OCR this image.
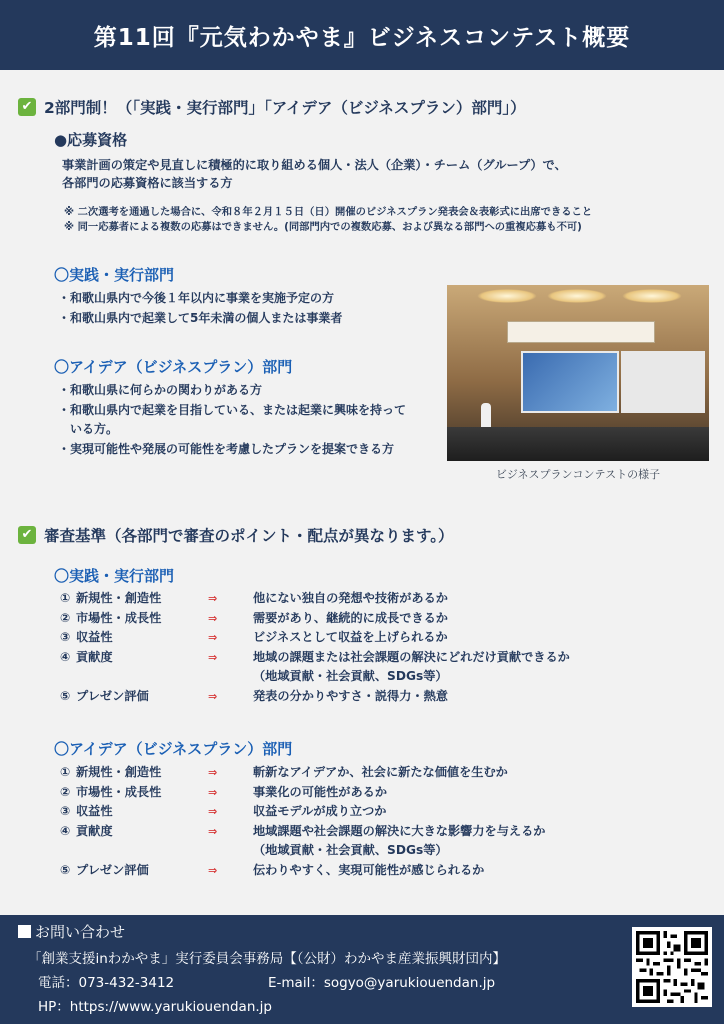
第11回『元気わかやま』ビジネスコンテスト概要
✔ 2部門制！（「実践・実行部門」「アイデア（ビジネスプラン）部門」）
●応募資格
事業計画の策定や見直しに積極的に取り組める個人・法人（企業）・チーム（グループ）で、
各部門の応募資格に該当する方
※ 二次選考を通過した場合に、令和８年２月１５日（日）開催のビジネスプラン発表会＆表彰式に出席できること
※ 同一応募者による複数の応募はできません。(同部門内での複数応募、および異なる部門への重複応募も不可)
〇実践・実行部門
・ 和歌山県内で今後１年以内に事業を実施予定の方
・ 和歌山県内で起業して5年未満の個人または事業者
〇アイデア（ビジネスプラン）部門
・ 和歌山県に何らかの関わりがある方
・ 和歌山県内で起業を目指している、または起業に興味を持っている方。
・ 実現可能性や発展の可能性を考慮したプランを提案できる方
ビジネスプランコンテストの様子
✔ 審査基準（各部門で審査のポイント・配点が異なります。）
〇実践・実行部門
① 新規性・創造性	⇒	他にない独自の発想や技術があるか
② 市場性・成長性	⇒	需要があり、継続的に成長できるか
③ 収益性	⇒	ビジネスとして収益を上げられるか
④ 貢献度	⇒	地域の課題または社会課題の解決にどれだけ貢献できるか
（地域貢献・社会貢献、SDGs等）
⑤ プレゼン評価	⇒	発表の分かりやすさ・説得力・熱意
〇アイデア（ビジネスプラン）部門
① 新規性・創造性	⇒	斬新なアイデアか、社会に新たな価値を生むか
② 市場性・成長性	⇒	事業化の可能性があるか
③ 収益性	⇒	収益モデルが成り立つか
④ 貢献度	⇒	地域課題や社会課題の解決に大きな影響力を与えるか
（地域貢献・社会貢献、SDGs等）
⑤ プレゼン評価	⇒	伝わりやすく、実現可能性が感じられるか
お問い合わせ
「創業支援inわかやま」実行委員会事務局【（公財）わかやま産業振興財団内】
電話：073-432-3412	E-mail：sogyo@yarukiouendan.jp
HP：https://www.yarukiouendan.jp
